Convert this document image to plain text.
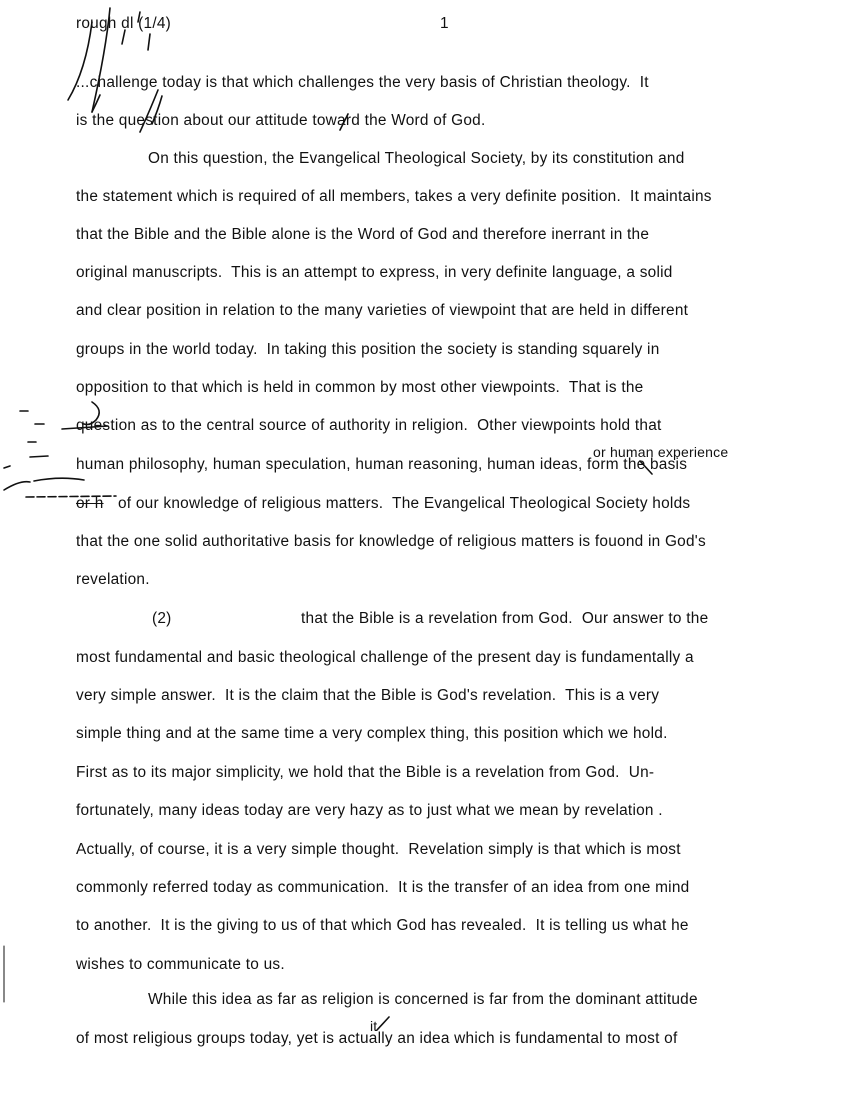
rough dl (1/4)	1
...challenge today is that which challenges the very basis of Christian theology.  It
is the question about our attitude toward the Word of God.
On this question, the Evangelical Theological Society, by its constitution and
the statement which is required of all members, takes a very definite position.  It maintains
that the Bible and the Bible alone is the Word of God and therefore inerrant in the
original manuscripts.  This is an attempt to express, in very definite language, a solid
and clear position in relation to the many varieties of viewpoint that are held in different
groups in the world today.  In taking this position the society is standing squarely in
opposition to that which is held in common by most other viewpoints.  That is the
question as to the central source of authority in religion.  Other viewpoints hold that
or human experience
human philosophy, human speculation, human reasoning, human ideas, form the basis
or h of our knowledge of religious matters.  The Evangelical Theological Society holds
that the one solid authoritative basis for knowledge of religious matters is fouond in God's
revelation.
(2)	that the Bible is a revelation from God.  Our answer to the
most fundamental and basic theological challenge of the present day is fundamentally a
very simple answer.  It is the claim that the Bible is God's revelation.  This is a very
simple thing and at the same time a very complex thing, this position which we hold.
First as to its major simplicity, we hold that the Bible is a revelation from God.  Un-
fortunately, many ideas today are very hazy as to just what we mean by revelation .
Actually, of course, it is a very simple thought.  Revelation simply is that which is most
commonly referred today as communication.  It is the transfer of an idea from one mind
to another.  It is the giving to us of that which God has revealed.  It is telling us what he
wishes to communicate to us.
While this idea as far as religion is concerned is far from the dominant attitude
it
of most religious groups today, yet is actually an idea which is fundamental to most of
